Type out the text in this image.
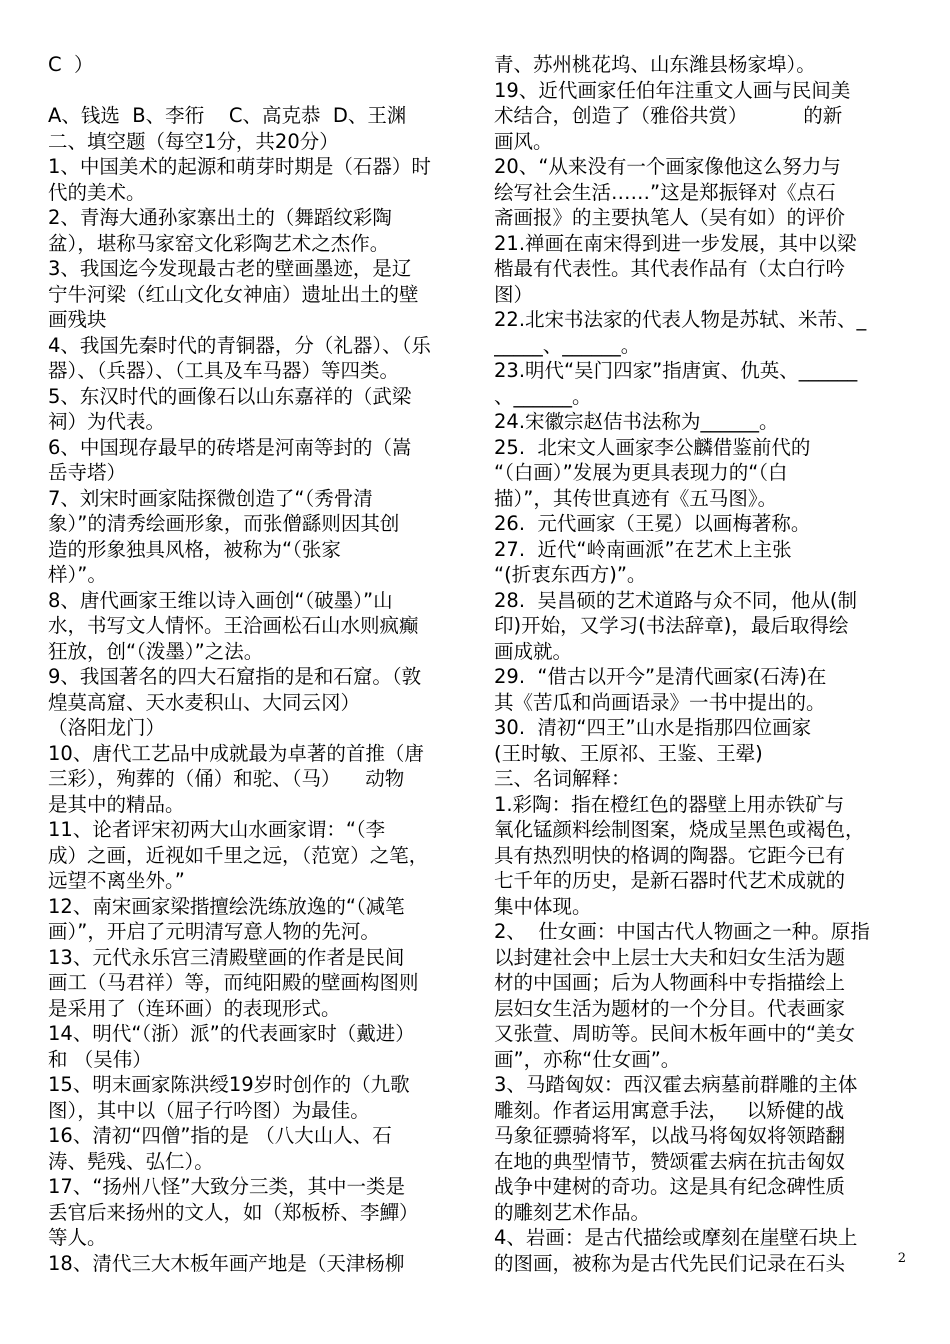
C  ）
A、钱选  B、李衎    C、高克恭  D、王渊
二、填空题（每空1分，共20分）
1、中国美术的起源和萌芽时期是（石器）时
代的美术。
2、青海大通孙家寨出土的（舞蹈纹彩陶
盆），堪称马家窑文化彩陶艺术之杰作。
3、我国迄今发现最古老的壁画墨迹，是辽
宁牛河梁（红山文化女神庙）遗址出土的壁
画残块
4、我国先秦时代的青铜器，分（礼器）、（乐
器）、（兵器）、（工具及车马器）等四类。
5、东汉时代的画像石以山东嘉祥的（武梁
祠）为代表。
6、中国现存最早的砖塔是河南等封的（嵩
岳寺塔）
7、刘宋时画家陆探微创造了“（秀骨清
象）”的清秀绘画形象，而张僧繇则因其创
造的形象独具风格，被称为“（张家
样）”。
8、唐代画家王维以诗入画创“（破墨）”山
水，书写文人情怀。王洽画松石山水则疯癫
狂放，创“（泼墨）”之法。
9、我国著名的四大石窟指的是和石窟。（敦
煌莫高窟、天水麦积山、大同云冈）
（洛阳龙门）
10、唐代工艺品中成就最为卓著的首推（唐
三彩），殉葬的（俑）和驼、（马）    动物
是其中的精品。
11、论者评宋初两大山水画家谓：“（李
成）之画，近视如千里之远，（范宽）之笔，
远望不离坐外。”
12、南宋画家梁揩擅绘洗练放逸的“（减笔
画）”，开启了元明清写意人物的先河。
13、元代永乐宫三清殿壁画的作者是民间
画工（马君祥）等，而纯阳殿的壁画构图则
是采用了（连环画）的表现形式。
14、明代“（浙）派”的代表画家时（戴进）
和 （吴伟）
15、明末画家陈洪绶19岁时创作的（九歌
图），其中以（屈子行吟图）为最佳。
16、清初“四僧”指的是 （八大山人、石
涛、髡残、弘仁）。
17、“扬州八怪”大致分三类，其中一类是
丢官后来扬州的文人，如（郑板桥、李鱓）
等人。
18、清代三大木板年画产地是（天津杨柳
青、苏州桃花坞、山东潍县杨家埠）。
19、近代画家任伯年注重文人画与民间美
术结合，创造了（雅俗共赏）         的新
画风。
20、“从来没有一个画家像他这么努力与
绘写社会生活……”这是郑振铎对《点石
斋画报》的主要执笔人（吴有如）的评价
21.禅画在南宋得到进一步发展，其中以梁
楷最有代表性。其代表作品有（太白行吟
图）
22.北宋书法家的代表人物是苏轼、米芾、_
_____、______。
23.明代“吴门四家”指唐寅、仇英、______
、______。
24.宋徽宗赵佶书法称为______。
25.  北宋文人画家李公麟借鉴前代的
“（白画）”发展为更具表现力的“（白
描）”，其传世真迹有《五马图》。
26.  元代画家（王冕）以画梅著称。
27.  近代“岭南画派”在艺术上主张
“(折衷东西方)”。
28.  吴昌硕的艺术道路与众不同，他从(制
印)开始，又学习(书法辞章)，最后取得绘
画成就。
29.  “借古以开今”是清代画家(石涛)在
其《苦瓜和尚画语录》一书中提出的。
30.  清初“四王”山水是指那四位画家
(王时敏、王原祁、王鉴、王翚)
三、名词解释：
1.彩陶：指在橙红色的器壁上用赤铁矿与
氧化锰颜料绘制图案，烧成呈黑色或褐色，
具有热烈明快的格调的陶器。它距今已有
七千年的历史，是新石器时代艺术成就的
集中体现。
2、  仕女画：中国古代人物画之一种。原指
以封建社会中上层士大夫和妇女生活为题
材的中国画；后为人物画科中专指描绘上
层妇女生活为题材的一个分目。代表画家
又张萱、周昉等。民间木板年画中的“美女
画”，亦称“仕女画”。
3、马踏匈奴：西汉霍去病墓前群雕的主体
雕刻。作者运用寓意手法，   以矫健的战
马象征骠骑将军，以战马将匈奴将领踏翻
在地的典型情节，赞颂霍去病在抗击匈奴
战争中建树的奇功。这是具有纪念碑性质
的雕刻艺术作品。
4、岩画：是古代描绘或摩刻在崖壁石块上
的图画，被称为是古代先民们记录在石头	2
